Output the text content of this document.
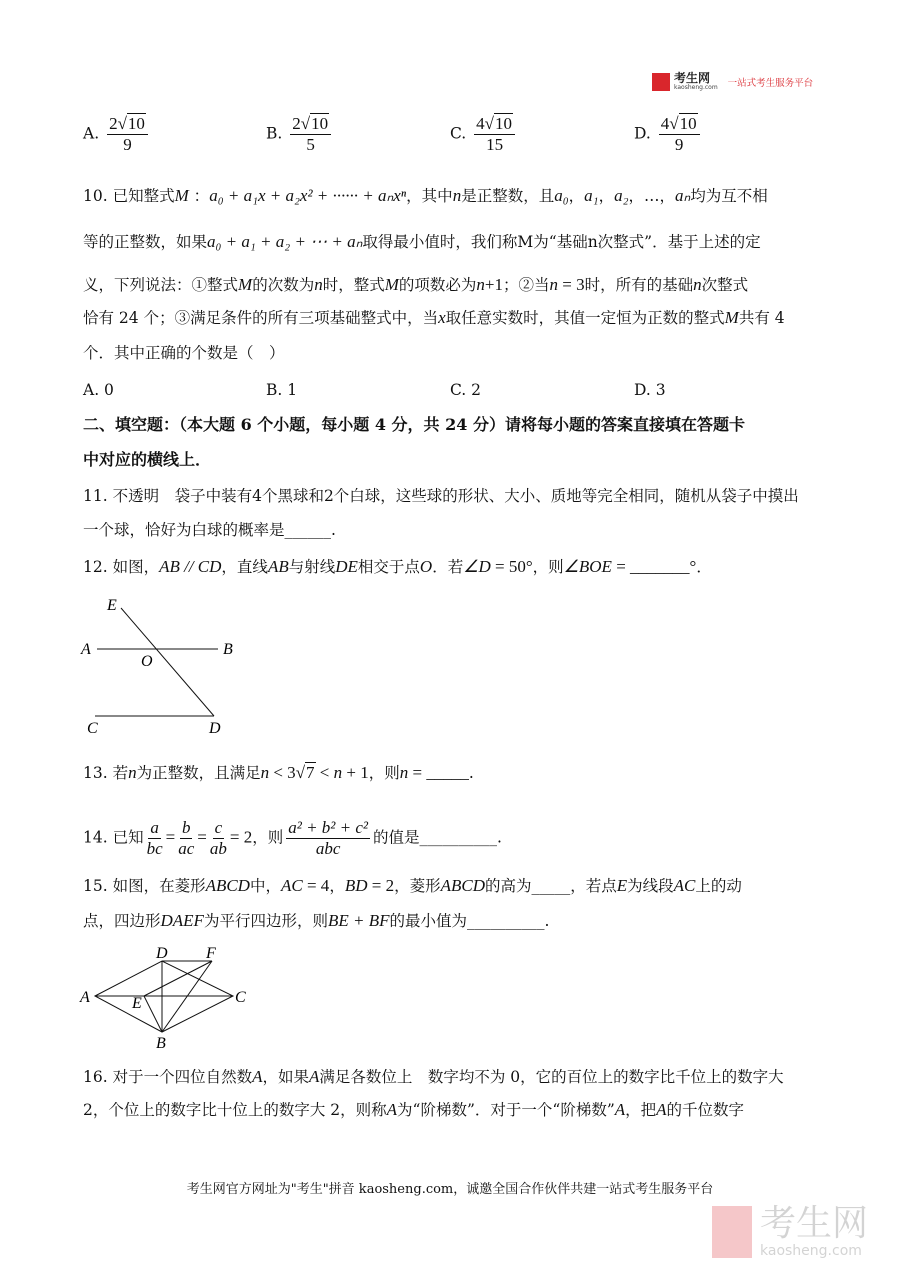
考生网
kaosheng.com 一站式考生服务平台
10. 已知整式M ：a₀ + a₁x + a₂x² + ······ + aₙxⁿ，其中n是正整数，且a₀，a₁，a₂，…，aₙ均为互不相
等的正整数，如果a₀ + a₁ + a₂ + ⋯ + aₙ取得最小值时，我们称M为“基础n次整式”．基于上述的定
义，下列说法：①整式M的次数为n时，整式M的项数必为n+1；②当n = 3时，所有的基础n次整式
恰有 24 个；③满足条件的所有三项基础整式中，当x取任意实数时，其值一定恒为正数的整式M共有 4
个．其中正确的个数是（　）
A. 0	B. 1	C. 2	D. 3
二、填空题：（本大题 6 个小题，每小题 4 分，共 24 分）请将每小题的答案直接填在答题卡
中对应的横线上．
11. 不透明　袋子中装有4个黑球和2个白球，这些球的形状、大小、质地等完全相同，随机从袋子中摸出
一个球，恰好为白球的概率是______.
12. 如图，AB // CD，直线AB与射线DE相交于点O．若∠D = 50°，则∠BOE = _______°．
E
A	B
O
C	D
13. 若n为正整数，且满足n < 3√7 < n + 1，则n = _____.
14. 已知 $\frac{a}{bc} = \frac{b}{ac} = \frac{c}{ab} = 2$，则 $\frac{\text{a² + b² + c²}}{\text{abc}}$ 的值是__________.
15. 如图，在菱形ABCD中，AC = 4，BD = 2，菱形ABCD的高为_____，若点E为线段AC上的动
点，四边形DAEF为平行四边形，则BE + BF的最小值为__________.
A
D F
C
E
B
16. 对于一个四位自然数A，如果A满足各数位上　数字均不为 0，它的百位上的数字比千位上的数字大
2，个位上的数字比十位上的数字大 2，则称A为“阶梯数”．对于一个“阶梯数”A，把A的千位数字
考生网官方网址为"考生"拼音 kaosheng.com，诚邀全国合作伙伴共建一站式考生服务平台
考生网
kaosheng.com
A. $\frac{2√10}{9}$	B. $\frac{2√10}{5}$	C. $\frac{4√10}{15}$	D. $\frac{4√10}{9}$
